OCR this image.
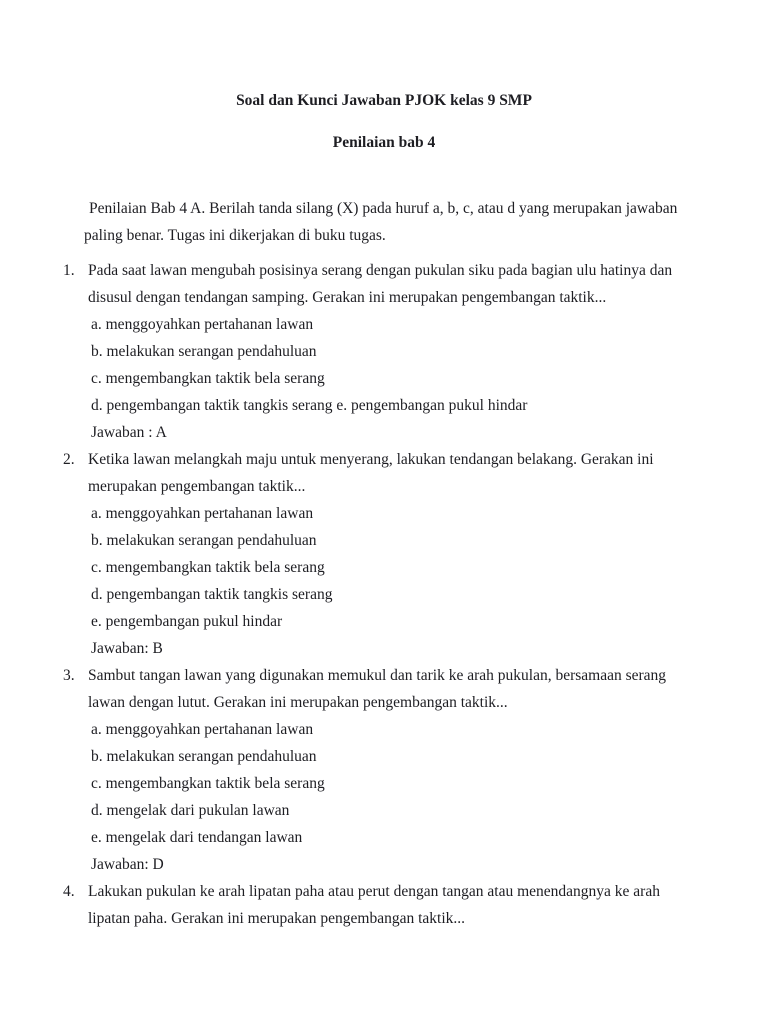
Soal dan Kunci Jawaban PJOK kelas 9 SMP
Penilaian bab 4

Penilaian Bab 4 A. Berilah tanda silang (X) pada huruf a, b, c, atau d yang merupakan jawaban paling benar. Tugas ini dikerjakan di buku tugas.

1. Pada saat lawan mengubah posisinya serang dengan pukulan siku pada bagian ulu hatinya dan disusul dengan tendangan samping. Gerakan ini merupakan pengembangan taktik...

a. menggoyahkan pertahanan lawan
b. melakukan serangan pendahuluan
c. mengembangkan taktik bela serang
d. pengembangan taktik tangkis serang e. pengembangan pukul hindar
Jawaban : A
2. Ketika lawan melangkah maju untuk menyerang, lakukan tendangan belakang. Gerakan ini merupakan pengembangan taktik...

a. menggoyahkan pertahanan lawan
b. melakukan serangan pendahuluan
c. mengembangkan taktik bela serang
d. pengembangan taktik tangkis serang
e. pengembangan pukul hindar
Jawaban: B
3. Sambut tangan lawan yang digunakan memukul dan tarik ke arah pukulan, bersamaan serang lawan dengan lutut. Gerakan ini merupakan pengembangan taktik...

a. menggoyahkan pertahanan lawan
b. melakukan serangan pendahuluan
c. mengembangkan taktik bela serang
d. mengelak dari pukulan lawan
e. mengelak dari tendangan lawan
Jawaban: D
4. Lakukan pukulan ke arah lipatan paha atau perut dengan tangan atau menendangnya ke arah lipatan paha. Gerakan ini merupakan pengembangan taktik...
